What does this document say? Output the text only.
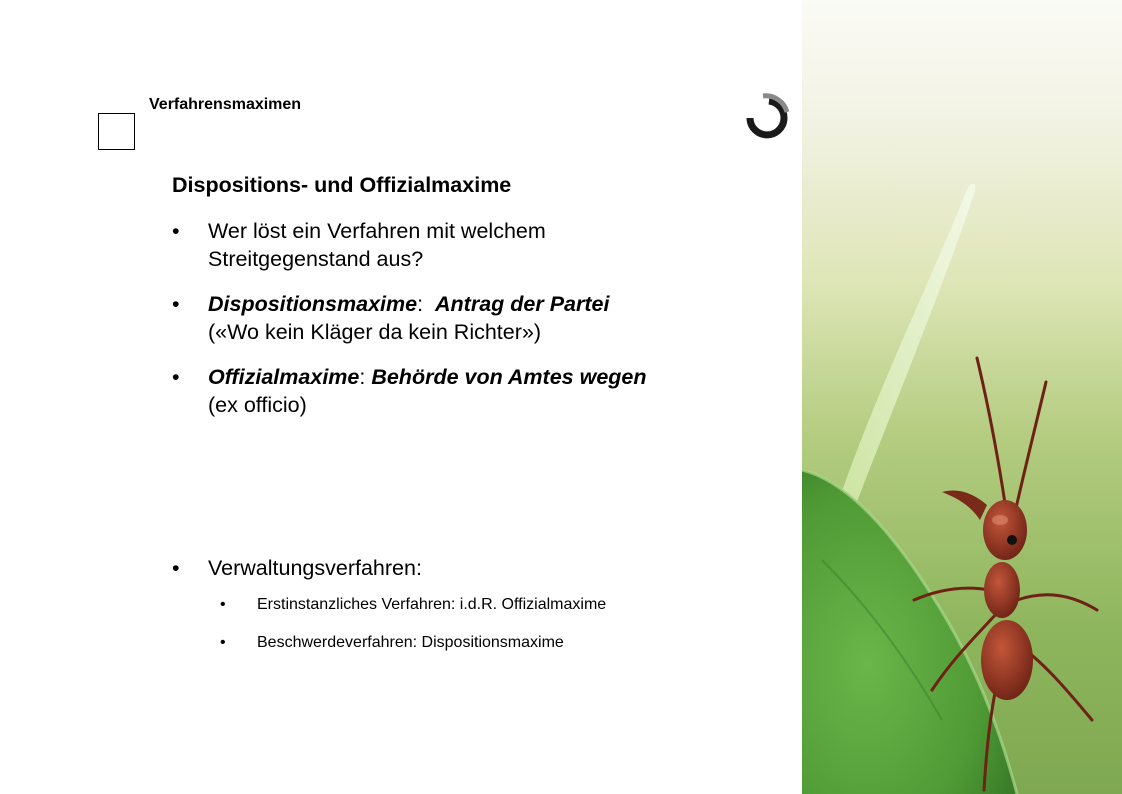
Verfahrensmaximen
Dispositions- und Offizialmaxime
• Wer löst ein Verfahren mit welchem
Streitgegenstand aus?
• Dispositionsmaxime:  Antrag der Partei
(«Wo kein Kläger da kein Richter»)
• Offizialmaxime: Behörde von Amtes wegen
(ex officio)
• Verwaltungsverfahren:
• Erstinstanzliches Verfahren: i.d.R. Offizialmaxime
• Beschwerdeverfahren: Dispositionsmaxime
